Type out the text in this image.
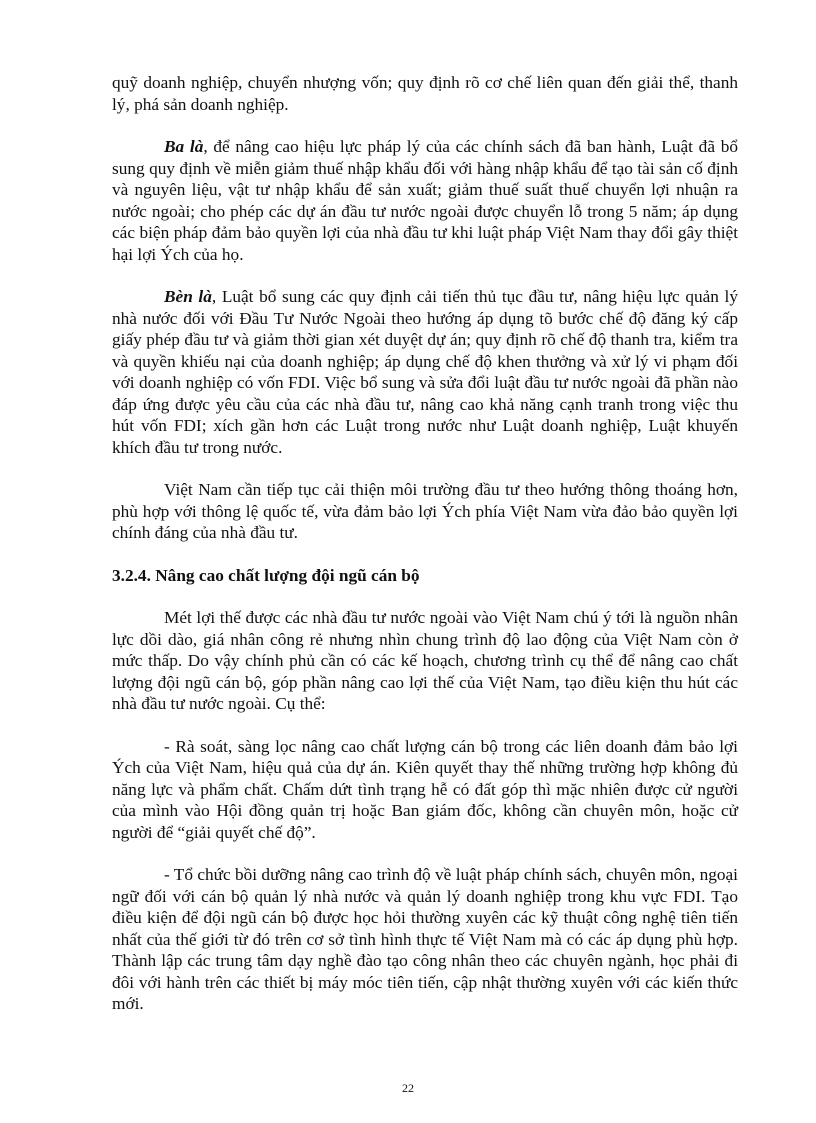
quỹ doanh nghiệp, chuyển nhượng vốn; quy định rõ cơ chế liên quan đến giải thể, thanh lý, phá sản doanh nghiệp.

Ba là, để nâng cao hiệu lực pháp lý của các chính sách đã ban hành, Luật đã bổ sung quy định về miễn giảm thuế nhập khẩu đối với hàng nhập khẩu để tạo tài sản cố định và nguyên liệu, vật tư nhập khẩu để sản xuất; giảm thuế suất thuế chuyển lợi nhuận ra nước ngoài; cho phép các dự án đầu tư nước ngoài được chuyển lỗ trong 5 năm; áp dụng các biện pháp đảm bảo quyền lợi của nhà đầu tư khi luật pháp Việt Nam thay đổi gây thiệt hại lợi Ých của họ.

Bèn là, Luật bổ sung các quy định cải tiến thủ tục đầu tư, nâng hiệu lực quản lý nhà nước đối với Đầu Tư Nước Ngoài theo hướng áp dụng tõ bước chế độ đăng ký cấp giấy phép đầu tư và giảm thời gian xét duyệt dự án; quy định rõ chế độ thanh tra, kiểm tra và quyền khiếu nại của doanh nghiệp; áp dụng chế độ khen thưởng và xử lý vi phạm đối với doanh nghiệp có vốn FDI. Việc bổ sung và sửa đổi luật đầu tư nước ngoài đã phần nào đáp ứng được yêu cầu của các nhà đầu tư, nâng cao khả năng cạnh tranh trong việc thu hút vốn FDI; xích gần hơn các Luật trong nước như Luật doanh nghiệp, Luật khuyến khích đầu tư trong nước.

Việt Nam cần tiếp tục cải thiện môi trường đầu tư theo hướng thông thoáng hơn, phù hợp với thông lệ quốc tế, vừa đảm bảo lợi Ých phía Việt Nam vừa đảo bảo quyền lợi chính đáng của nhà đầu tư.

3.2.4. Nâng cao chất lượng đội ngũ cán bộ

Mét lợi thế được các nhà đầu tư nước ngoài vào Việt Nam chú ý tới là nguồn nhân lực dồi dào, giá nhân công rẻ nhưng nhìn chung trình độ lao động của Việt Nam còn ở mức thấp. Do vậy chính phủ cần có các kế hoạch, chương trình cụ thể để nâng cao chất lượng đội ngũ cán bộ, góp phần nâng cao lợi thế của Việt Nam, tạo điều kiện thu hút các nhà đầu tư nước ngoài. Cụ thể:

- Rà soát, sàng lọc nâng cao chất lượng cán bộ trong các liên doanh đảm bảo lợi Ých của Việt Nam, hiệu quả của dự án. Kiên quyết thay thế những trường hợp không đủ năng lực và phẩm chất. Chấm dứt tình trạng hễ có đất góp thì mặc nhiên được cử người của mình vào Hội đồng quản trị hoặc Ban giám đốc, không cần chuyên môn, hoặc cử người để “giải quyết chế độ”.

- Tổ chức bồi dưỡng nâng cao trình độ về luật pháp chính sách, chuyên môn, ngoại ngữ đối với cán bộ quản lý nhà nước và quản lý doanh nghiệp trong khu vực FDI. Tạo điều kiện để đội ngũ cán bộ được học hỏi thường xuyên các kỹ thuật công nghệ tiên tiến nhất của thế giới từ đó trên cơ sở tình hình thực tế Việt Nam mà có các áp dụng phù hợp. Thành lập các trung tâm dạy nghề đào tạo công nhân theo các chuyên ngành, học phải đi đôi với hành trên các thiết bị máy móc tiên tiến, cập nhật thường xuyên với các kiến thức mới.

22
